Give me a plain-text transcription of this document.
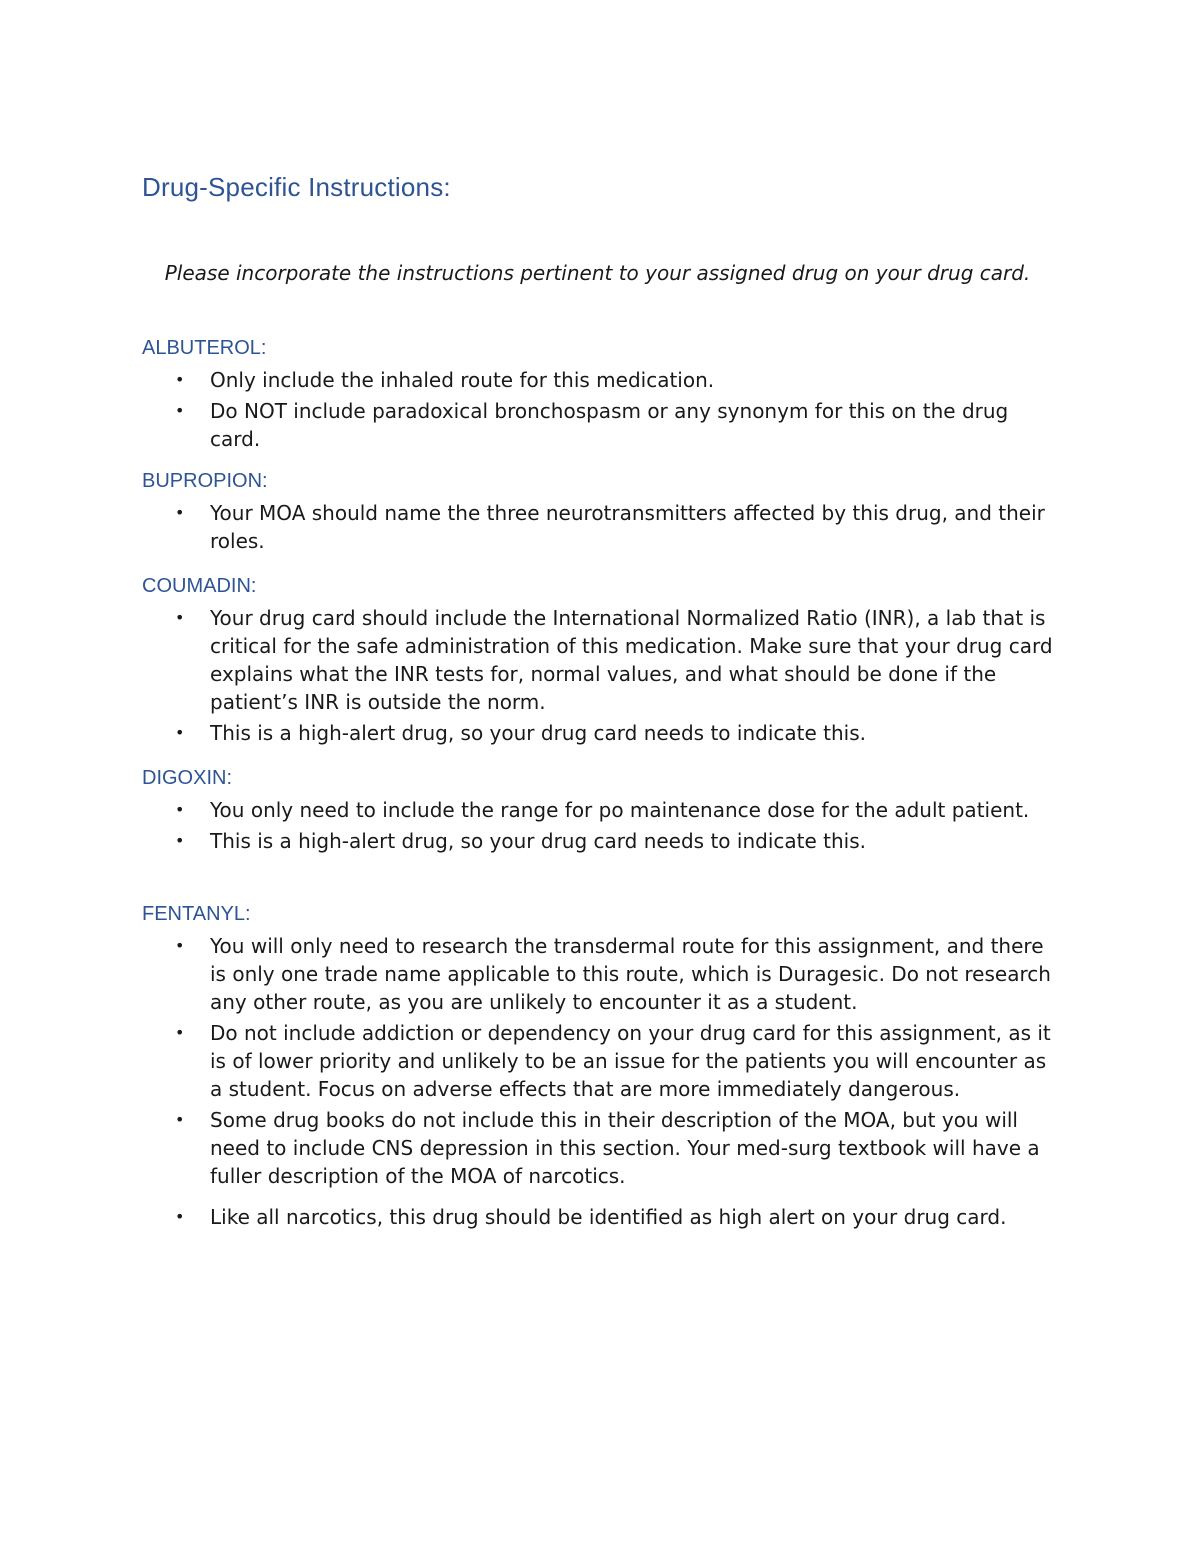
Drug-Specific Instructions:

Please incorporate the instructions pertinent to your assigned drug on your drug card.

ALBUTEROL:
• Only include the inhaled route for this medication.
• Do NOT include paradoxical bronchospasm or any synonym for this on the drug card.
BUPROPION:
• Your MOA should name the three neurotransmitters affected by this drug, and their roles.
COUMADIN:
• Your drug card should include the International Normalized Ratio (INR), a lab that is critical for the safe administration of this medication. Make sure that your drug card explains what the INR tests for, normal values, and what should be done if the patient’s INR is outside the norm.
• This is a high-alert drug, so your drug card needs to indicate this.
DIGOXIN:
• You only need to include the range for po maintenance dose for the adult patient.
• This is a high-alert drug, so your drug card needs to indicate this.
FENTANYL:
• You will only need to research the transdermal route for this assignment, and there is only one trade name applicable to this route, which is Duragesic. Do not research any other route, as you are unlikely to encounter it as a student.
• Do not include addiction or dependency on your drug card for this assignment, as it is of lower priority and unlikely to be an issue for the patients you will encounter as a student. Focus on adverse effects that are more immediately dangerous.
• Some drug books do not include this in their description of the MOA, but you will need to include CNS depression in this section. Your med-surg textbook will have a fuller description of the MOA of narcotics.
• Like all narcotics, this drug should be identified as high alert on your drug card.
